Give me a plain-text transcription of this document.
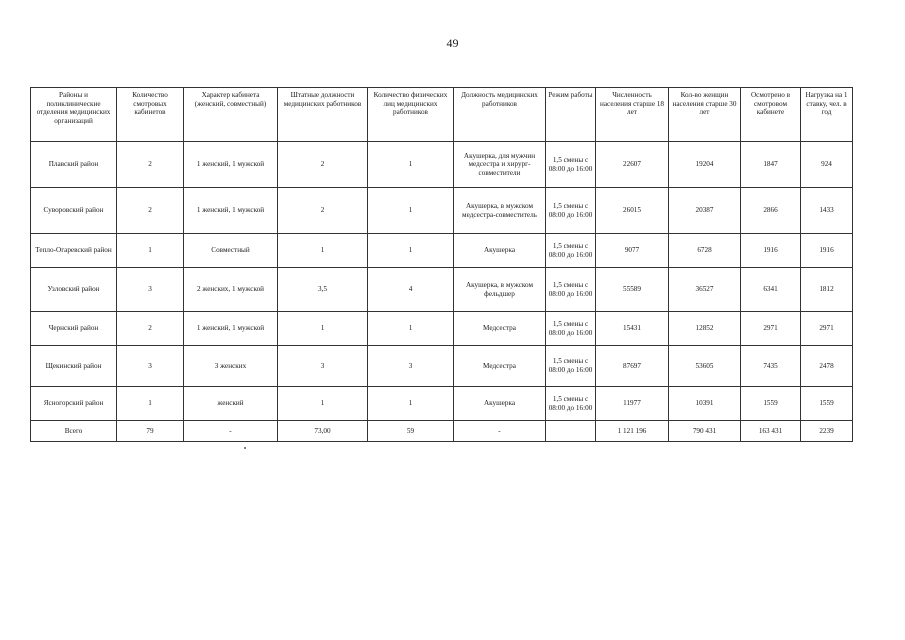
49
Районы и поликлинические отделения медицинских организаций	Количество смотровых кабинетов	Характер кабинета (женский, совместный)	Штатные должности медицинских работников	Количество физических лиц медицинских работников	Должность медицинских работников	Режим работы	Численность населения старше 18 лет	Кол-во женщин населения старше 30 лет	Осмотрено в смотровом кабинете	Нагрузка на 1 ставку, чел. в год
Плавский район	2	1 женский, 1 мужской	2	1	Акушерка, для мужчин медсестра и хирург-совместители	1,5 смены с 08:00 до 16:00	22607	19204	1847	924
Суворовский район	2	1 женский, 1 мужской	2	1	Акушерка, в мужском медсестра-совместитель	1,5 смены с 08:00 до 16:00	26015	20387	2866	1433
Тепло-Огаревский район	1	Совместный	1	1	Акушерка	1,5 смены с 08:00 до 16:00	9077	6728	1916	1916
Узловский район	3	2 женских, 1 мужской	3,5	4	Акушерка, в мужском фельдшер	1,5 смены с 08:00 до 16:00	55589	36527	6341	1812
Чернский район	2	1 женский, 1 мужской	1	1	Медсестра	1,5 смены с 08:00 до 16:00	15431	12852	2971	2971
Щекинский район	3	3 женских	3	3	Медсестра	1,5 смены с 08:00 до 16:00	87697	53605	7435	2478
Ясногорский район	1	женский	1	1	Акушерка	1,5 смены с 08:00 до 16:00	11977	10391	1559	1559
Всего	79	-	73,00	59	-		1 121 196	790 431	163 431	2239
